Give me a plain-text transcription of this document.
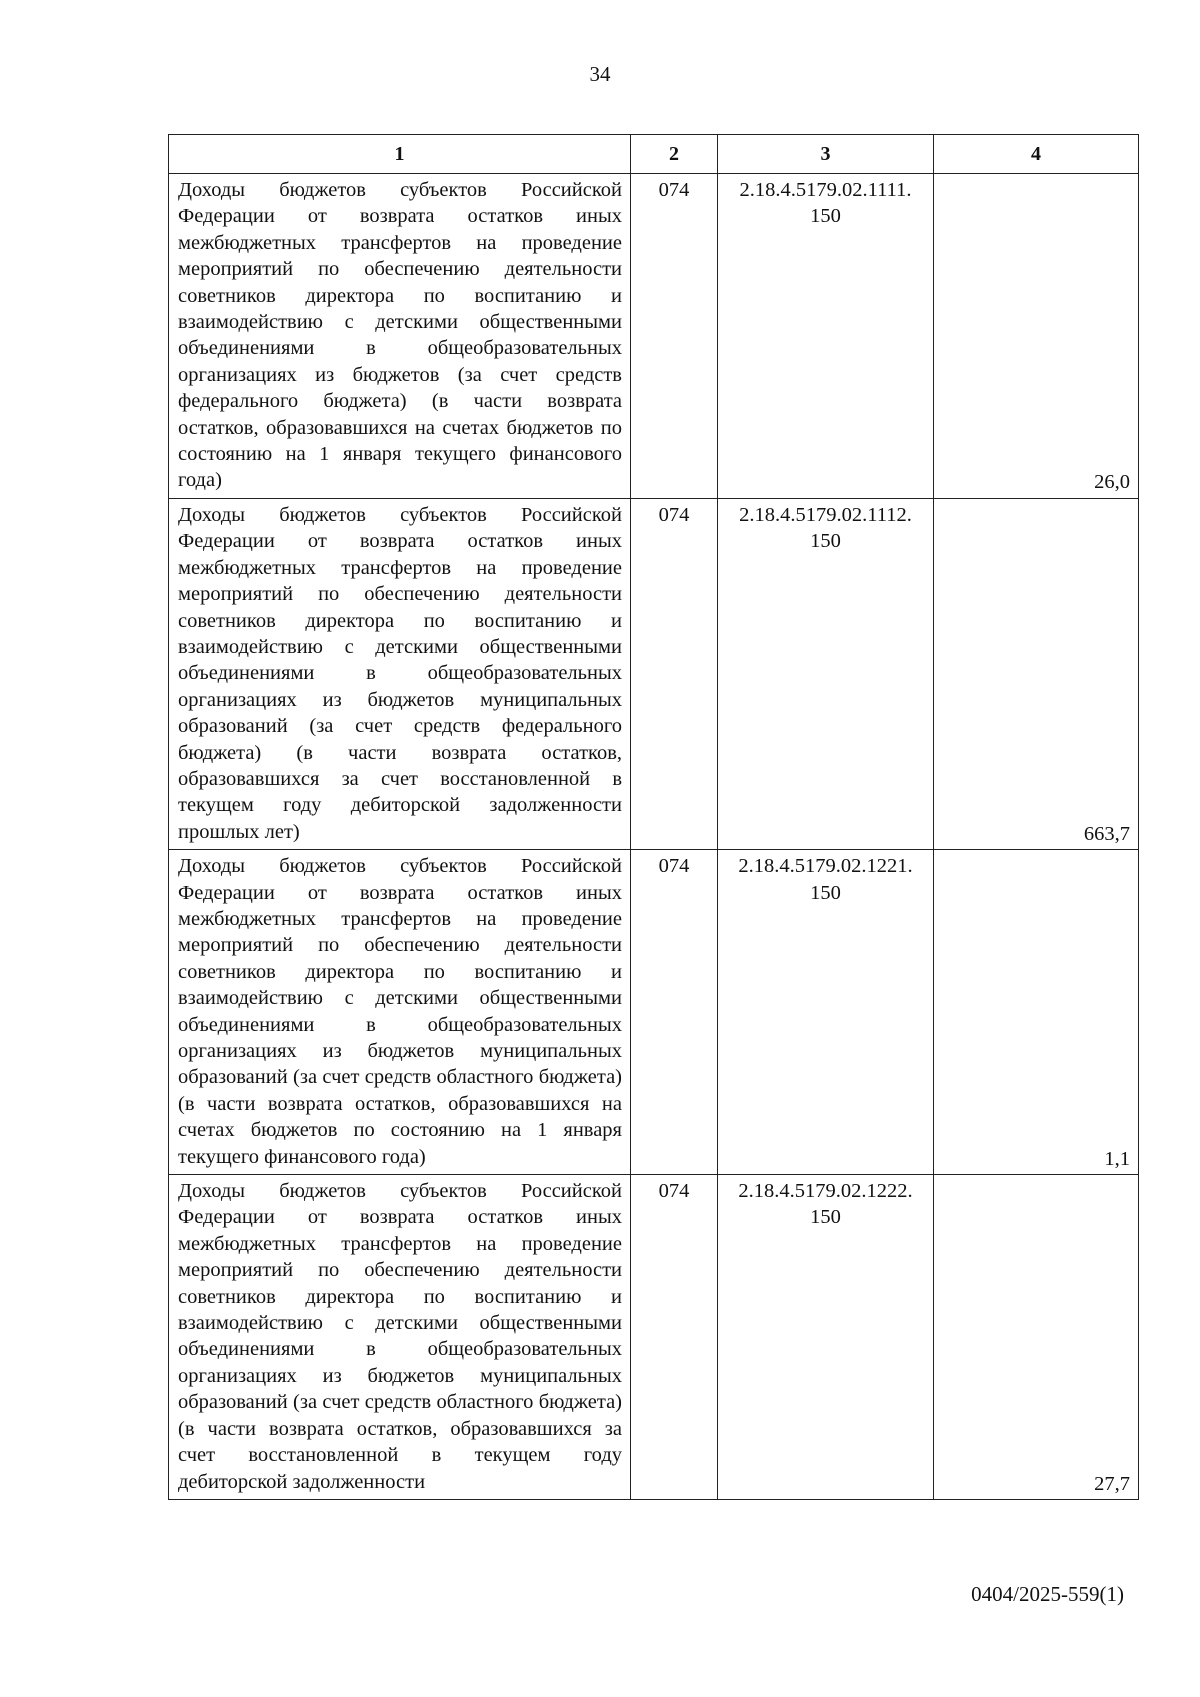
34
1	2	3	4
Доходы бюджетов субъектов Российской Федерации от возврата остатков иных межбюджетных трансфертов на проведение мероприятий по обеспечению деятельности советников директора по воспитанию и взаимодействию с детскими общественными объединениями в общеобразовательных организациях из бюджетов (за счет средств федерального бюджета) (в части возврата остатков, образовавшихся на счетах бюджетов по состоянию на 1 января текущего финансового года)	074	2.18.4.5179.02.1111. 150	26,0
Доходы бюджетов субъектов Российской Федерации от возврата остатков иных межбюджетных трансфертов на проведение мероприятий по обеспечению деятельности советников директора по воспитанию и взаимодействию с детскими общественными объединениями в общеобразовательных организациях из бюджетов муниципальных образований (за счет средств федерального бюджета) (в части возврата остатков, образовавшихся за счет восстановленной в текущем году дебиторской задолженности прошлых лет)	074	2.18.4.5179.02.1112. 150	663,7
Доходы бюджетов субъектов Российской Федерации от возврата остатков иных межбюджетных трансфертов на проведение мероприятий по обеспечению деятельности советников директора по воспитанию и взаимодействию с детскими общественными объединениями в общеобразовательных организациях из бюджетов муниципальных образований (за счет средств областного бюджета) (в части возврата остатков, образовавшихся на счетах бюджетов по состоянию на 1 января текущего финансового года)	074	2.18.4.5179.02.1221. 150	1,1
Доходы бюджетов субъектов Российской Федерации от возврата остатков иных межбюджетных трансфертов на проведение мероприятий по обеспечению деятельности советников директора по воспитанию и взаимодействию с детскими общественными объединениями в общеобразовательных организациях из бюджетов муниципальных образований (за счет средств областного бюджета) (в части возврата остатков, образовавшихся за счет восстановленной в текущем году дебиторской задолженности	074	2.18.4.5179.02.1222. 150	27,7
0404/2025-559(1)
